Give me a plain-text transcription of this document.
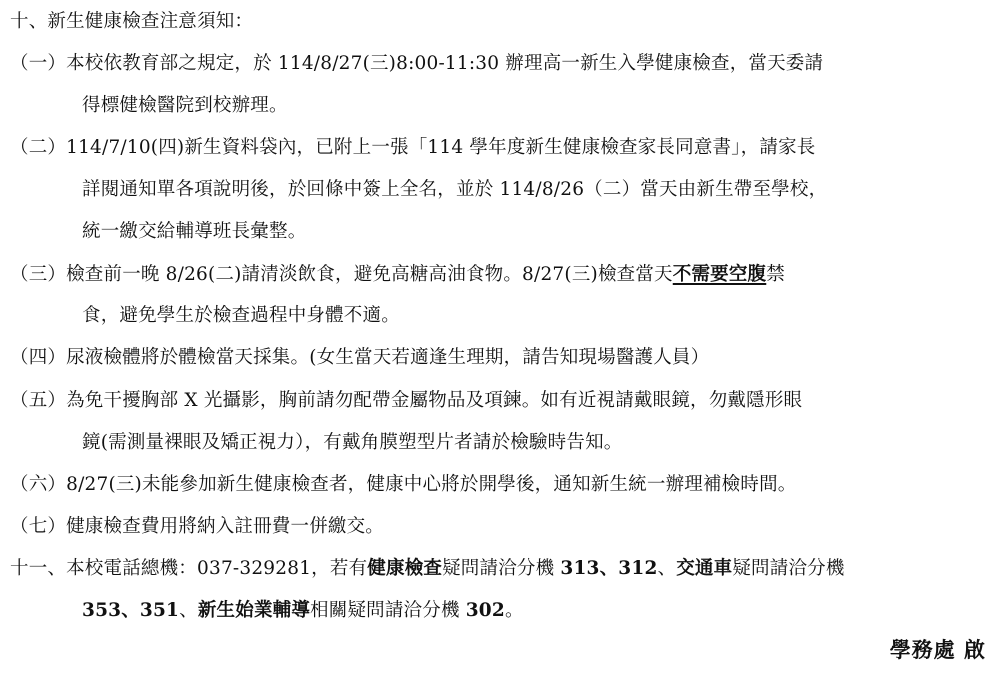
十、新生健康檢查注意須知：
（一）本校依教育部之規定，於 114/8/27(三)8:00-11:30 辦理高一新生入學健康檢查，當天委請
得標健檢醫院到校辦理。
（二）114/7/10(四)新生資料袋內，已附上一張「114 學年度新生健康檢查家長同意書」，請家長
詳閱通知單各項說明後，於回條中簽上全名，並於 114/8/26（二）當天由新生帶至學校，
統一繳交給輔導班長彙整。
（三）檢查前一晚 8/26(二)請清淡飲食，避免高糖高油食物。8/27(三)檢查當天不需要空腹禁
食，避免學生於檢查過程中身體不適。
（四）尿液檢體將於體檢當天採集。(女生當天若適逢生理期，請告知現場醫護人員）
（五）為免干擾胸部 X 光攝影，胸前請勿配帶金屬物品及項鍊。如有近視請戴眼鏡，勿戴隱形眼
鏡(需測量裸眼及矯正視力），有戴角膜塑型片者請於檢驗時告知。
（六）8/27(三)未能參加新生健康檢查者，健康中心將於開學後，通知新生統一辦理補檢時間。
（七）健康檢查費用將納入註冊費一併繳交。
十一、本校電話總機：037-329281，若有健康檢查疑問請洽分機 313、312、交通車疑問請洽分機
353、351、新生始業輔導相關疑問請洽分機 302。
學務處 啟
